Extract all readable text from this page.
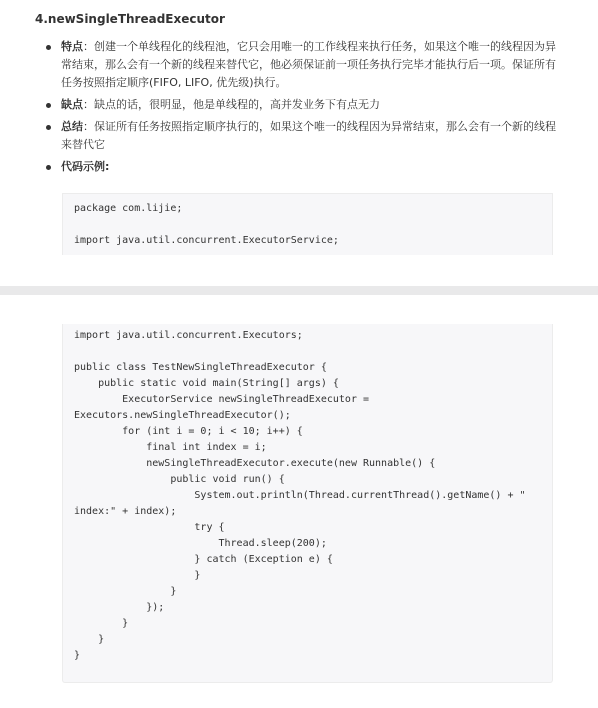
4.newSingleThreadExecutor
特点：创建一个单线程化的线程池，它只会用唯一的工作线程来执行任务，如果这个唯一的线程因为异常结束，那么会有一个新的线程来替代它，他必须保证前一项任务执行完毕才能执行后一项。保证所有任务按照指定顺序(FIFO, LIFO, 优先级)执行。
缺点：缺点的话，很明显，他是单线程的，高并发业务下有点无力
总结：保证所有任务按照指定顺序执行的，如果这个唯一的线程因为异常结束，那么会有一个新的线程来替代它
代码示例:
package com.lijie;
import java.util.concurrent.ExecutorService;
import java.util.concurrent.Executors;
public class TestNewSingleThreadExecutor {
public static void main(String[] args) {
ExecutorService newSingleThreadExecutor =
Executors.newSingleThreadExecutor();
for (int i = 0; i < 10; i++) {
final int index = i;
newSingleThreadExecutor.execute(new Runnable() {
public void run() {
System.out.println(Thread.currentThread().getName() + "
index:" + index);
try {
Thread.sleep(200);
} catch (Exception e) {
}
}
});
}
}
}
